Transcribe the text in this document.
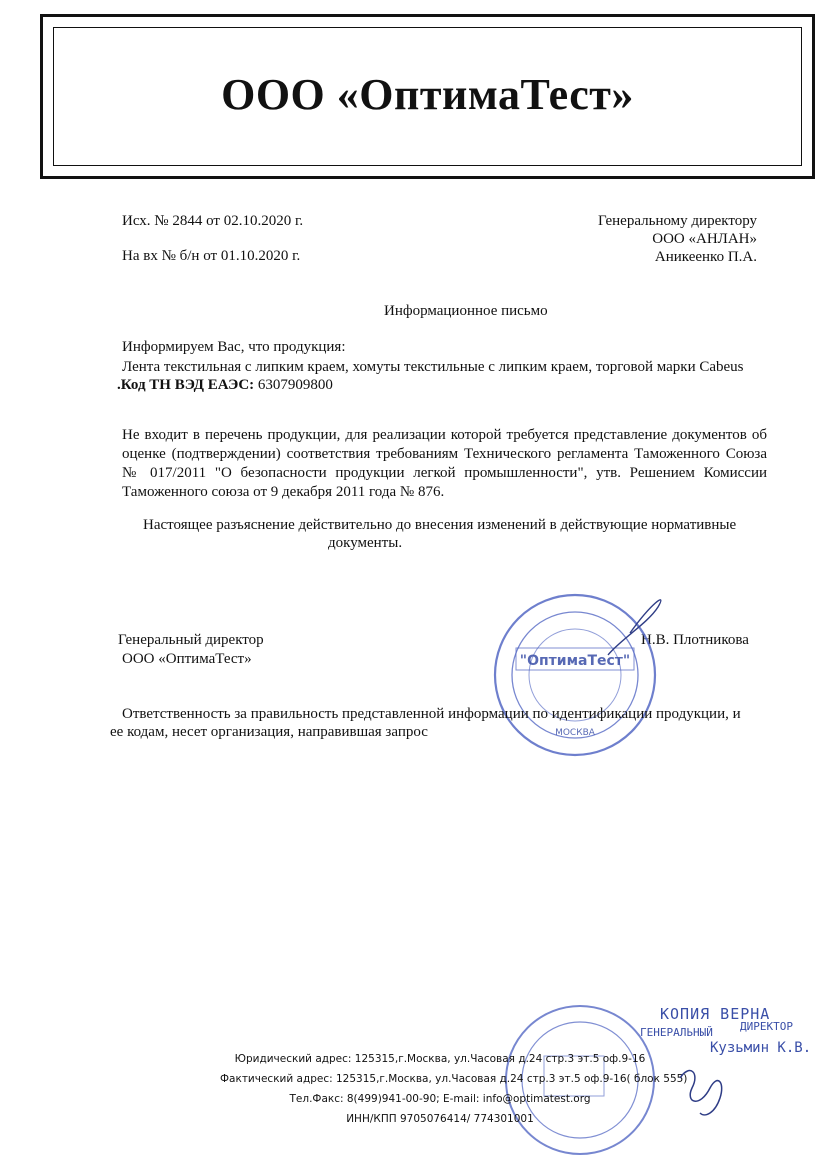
ООО «ОптимаТест»
Исх. № 2844 от 02.10.2020 г.
На вх № б/н от 01.10.2020 г.
Генеральному директору
ООО «АНЛАН»
Аникеенко П.А.
Информационное письмо
Информируем Вас, что продукция:
Лента текстильная с липким краем, хомуты текстильные с липким краем, торговой марки Cabeus
.Код ТН ВЭД ЕАЭС: 6307909800
Не входит в перечень продукции, для реализации которой требуется представление документов об оценке (подтверждении) соответствия требованиям Технического регламента Таможенного Союза № 017/2011 "О безопасности продукции легкой промышленности", утв. Решением Комиссии Таможенного союза от 9 декабря 2011 года № 876.
Настоящее разъяснение действительно до внесения изменений в действующие нормативные
документы.
Генеральный директор
ООО «ОптимаТест»
Н.В. Плотникова
"ОптимаТест"
МОСКВА
Ответственность за правильность представленной информации по идентификации продукции, и
ее кодам, несет организация, направившая запрос
Юридический адрес: 125315,г.Москва, ул.Часовая д.24 стр.3 эт.5 оф.9-16
Фактический адрес: 125315,г.Москва, ул.Часовая д.24 стр.3 эт.5 оф.9-16( блок 555)
Тел.Факс: 8(499)941-00-90; E-mail: info@optimatest.org
ИНН/КПП 9705076414/ 774301001
КОПИЯ ВЕРНА
ГЕНЕРАЛЬНЫЙ ДИРЕКТОР
Кузьмин К.В.
